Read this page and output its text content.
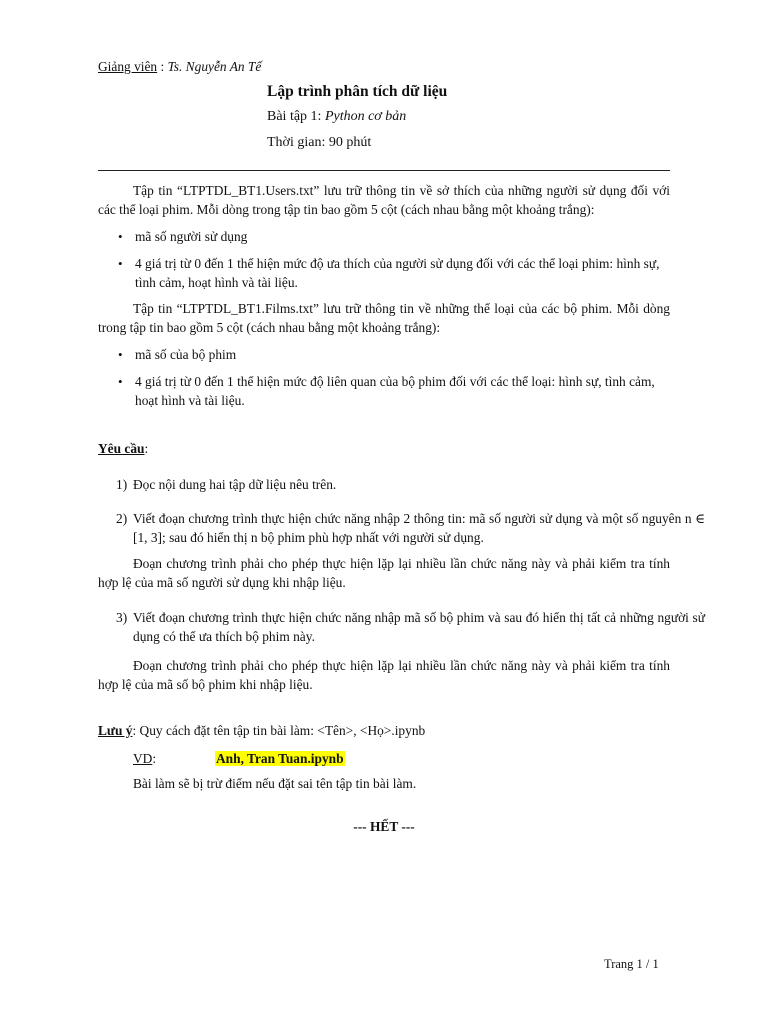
Giảng viên : Ts. Nguyễn An Tế
Lập trình phân tích dữ liệu
Bài tập 1: Python cơ bản
Thời gian: 90 phút
Tập tin “LTPTDL_BT1.Users.txt” lưu trữ thông tin về sở thích của những người sử dụng đối với các thể loại phim. Mỗi dòng trong tập tin bao gồm 5 cột (cách nhau bằng một khoảng trắng):
• mã số người sử dụng
• 4 giá trị từ 0 đến 1 thể hiện mức độ ưa thích của người sử dụng đối với các thể loại phim: hình sự, tình cảm, hoạt hình và tài liệu.
Tập tin “LTPTDL_BT1.Films.txt” lưu trữ thông tin về những thể loại của các bộ phim. Mỗi dòng trong tập tin bao gồm 5 cột (cách nhau bằng một khoảng trắng):
• mã số của bộ phim
• 4 giá trị từ 0 đến 1 thể hiện mức độ liên quan của bộ phim đối với các thể loại: hình sự, tình cảm, hoạt hình và tài liệu.
Yêu cầu:
1) Đọc nội dung hai tập dữ liệu nêu trên.
2) Viết đoạn chương trình thực hiện chức năng nhập 2 thông tin: mã số người sử dụng và một số nguyên n ∈ [1, 3]; sau đó hiển thị n bộ phim phù hợp nhất với người sử dụng.
Đoạn chương trình phải cho phép thực hiện lặp lại nhiều lần chức năng này và phải kiểm tra tính hợp lệ của mã số người sử dụng khi nhập liệu.
3) Viết đoạn chương trình thực hiện chức năng nhập mã số bộ phim và sau đó hiển thị tất cả những người sử dụng có thể ưa thích bộ phim này.
Đoạn chương trình phải cho phép thực hiện lặp lại nhiều lần chức năng này và phải kiểm tra tính hợp lệ của mã số bộ phim khi nhập liệu.
Lưu ý: Quy cách đặt tên tập tin bài làm: <Tên>, <Họ>.ipynb
VD:	Anh, Tran Tuan.ipynb
Bài làm sẽ bị trừ điểm nếu đặt sai tên tập tin bài làm.
--- HẾT ---
Trang 1 / 1
